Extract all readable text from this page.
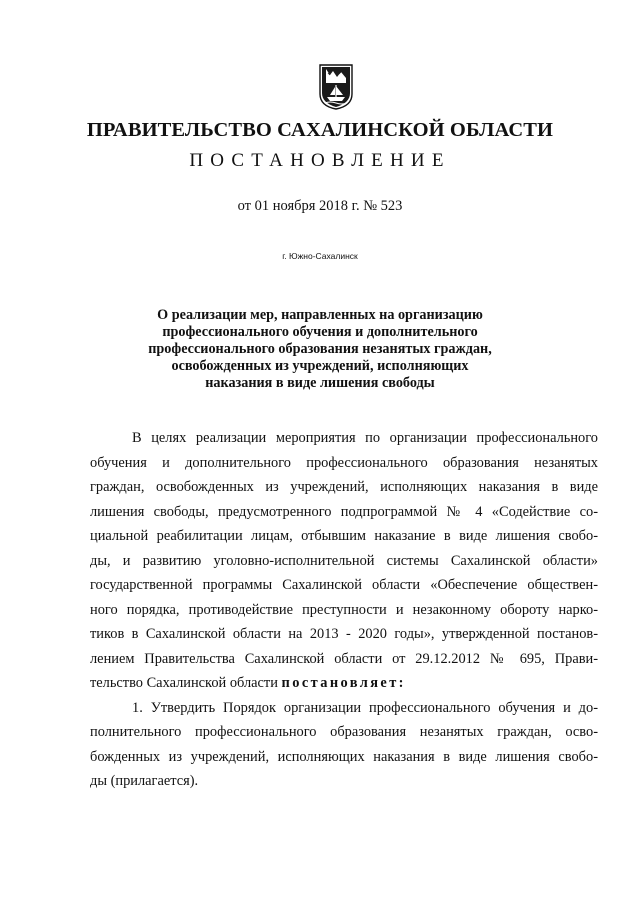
ПРАВИТЕЛЬСТВО САХАЛИНСКОЙ ОБЛАСТИ
ПОСТАНОВЛЕНИЕ
от 01 ноября 2018 г. № 523
г. Южно-Сахалинск
О реализации мер, направленных на организацию
профессионального обучения и дополнительного
профессионального образования незанятых граждан,
освобожденных из учреждений, исполняющих
наказания в виде лишения свободы
В целях реализации мероприятия по организации профессионального
обучения и дополнительного профессионального образования незанятых
граждан, освобожденных из учреждений, исполняющих наказания в виде
лишения свободы, предусмотренного подпрограммой № 4 «Содействие со-
циальной реабилитации лицам, отбывшим наказание в виде лишения свобо-
ды, и развитию уголовно-исполнительной системы Сахалинской области»
государственной программы Сахалинской области «Обеспечение обществен-
ного порядка, противодействие преступности и незаконному обороту нарко-
тиков в Сахалинской области на 2013 - 2020 годы», утвержденной постанов-
лением Правительства Сахалинской области от 29.12.2012 № 695, Прави-
тельство Сахалинской области постановляет:
1. Утвердить Порядок организации профессионального обучения и до-
полнительного профессионального образования незанятых граждан, осво-
божденных из учреждений, исполняющих наказания в виде лишения свобо-
ды (прилагается).
